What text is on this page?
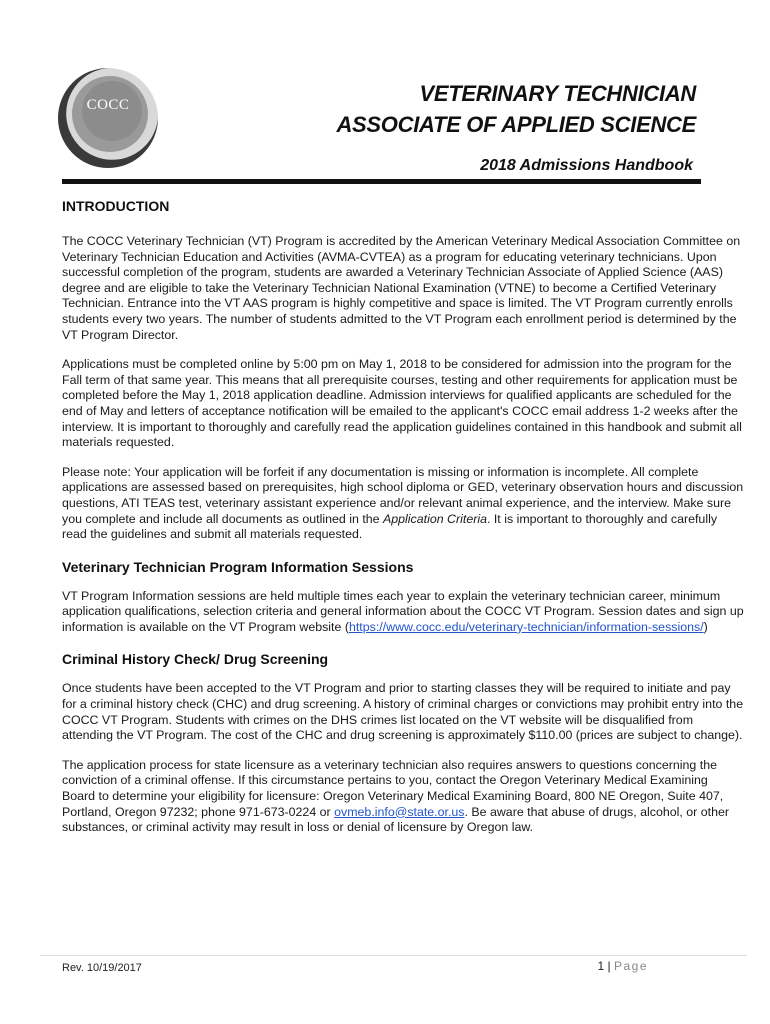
COCC	VETERINARY TECHNICIAN
ASSOCIATE OF APPLIED SCIENCE
2018 Admissions Handbook
INTRODUCTION

The COCC Veterinary Technician (VT) Program is accredited by the American Veterinary Medical Association Committee on Veterinary Technician Education and Activities (AVMA-CVTEA) as a program for educating veterinary technicians. Upon successful completion of the program, students are awarded a Veterinary Technician Associate of Applied Science (AAS) degree and are eligible to take the Veterinary Technician National Examination (VTNE) to become a Certified Veterinary Technician. Entrance into the VT AAS program is highly competitive and space is limited. The VT Program currently enrolls students every two years. The number of students admitted to the VT Program each enrollment period is determined by the VT Program Director.

Applications must be completed online by 5:00 pm on May 1, 2018 to be considered for admission into the program for the Fall term of that same year. This means that all prerequisite courses, testing and other requirements for application must be completed before the May 1, 2018 application deadline. Admission interviews for qualified applicants are scheduled for the end of May and letters of acceptance notification will be emailed to the applicant's COCC email address 1-2 weeks after the interview. It is important to thoroughly and carefully read the application guidelines contained in this handbook and submit all materials requested.

Please note: Your application will be forfeit if any documentation is missing or information is incomplete. All complete applications are assessed based on prerequisites, high school diploma or GED, veterinary observation hours and discussion questions, ATI TEAS test, veterinary assistant experience and/or relevant animal experience, and the interview. Make sure you complete and include all documents as outlined in the Application Criteria. It is important to thoroughly and carefully read the guidelines and submit all materials requested.

Veterinary Technician Program Information Sessions

VT Program Information sessions are held multiple times each year to explain the veterinary technician career, minimum application qualifications, selection criteria and general information about the COCC VT Program. Session dates and sign up information is available on the VT Program website (https://www.cocc.edu/veterinary-technician/information-sessions/)

Criminal History Check/ Drug Screening

Once students have been accepted to the VT Program and prior to starting classes they will be required to initiate and pay for a criminal history check (CHC) and drug screening. A history of criminal charges or convictions may prohibit entry into the COCC VT Program. Students with crimes on the DHS crimes list located on the VT website will be disqualified from attending the VT Program. The cost of the CHC and drug screening is approximately $110.00 (prices are subject to change).

The application process for state licensure as a veterinary technician also requires answers to questions concerning the conviction of a criminal offense. If this circumstance pertains to you, contact the Oregon Veterinary Medical Examining Board to determine your eligibility for licensure: Oregon Veterinary Medical Examining Board, 800 NE Oregon, Suite 407, Portland, Oregon 97232; phone 971-673-0224 or ovmeb.info@state.or.us. Be aware that abuse of drugs, alcohol, or other substances, or criminal activity may result in loss or denial of licensure by Oregon law.

Rev. 10/19/2017	1 | Page
